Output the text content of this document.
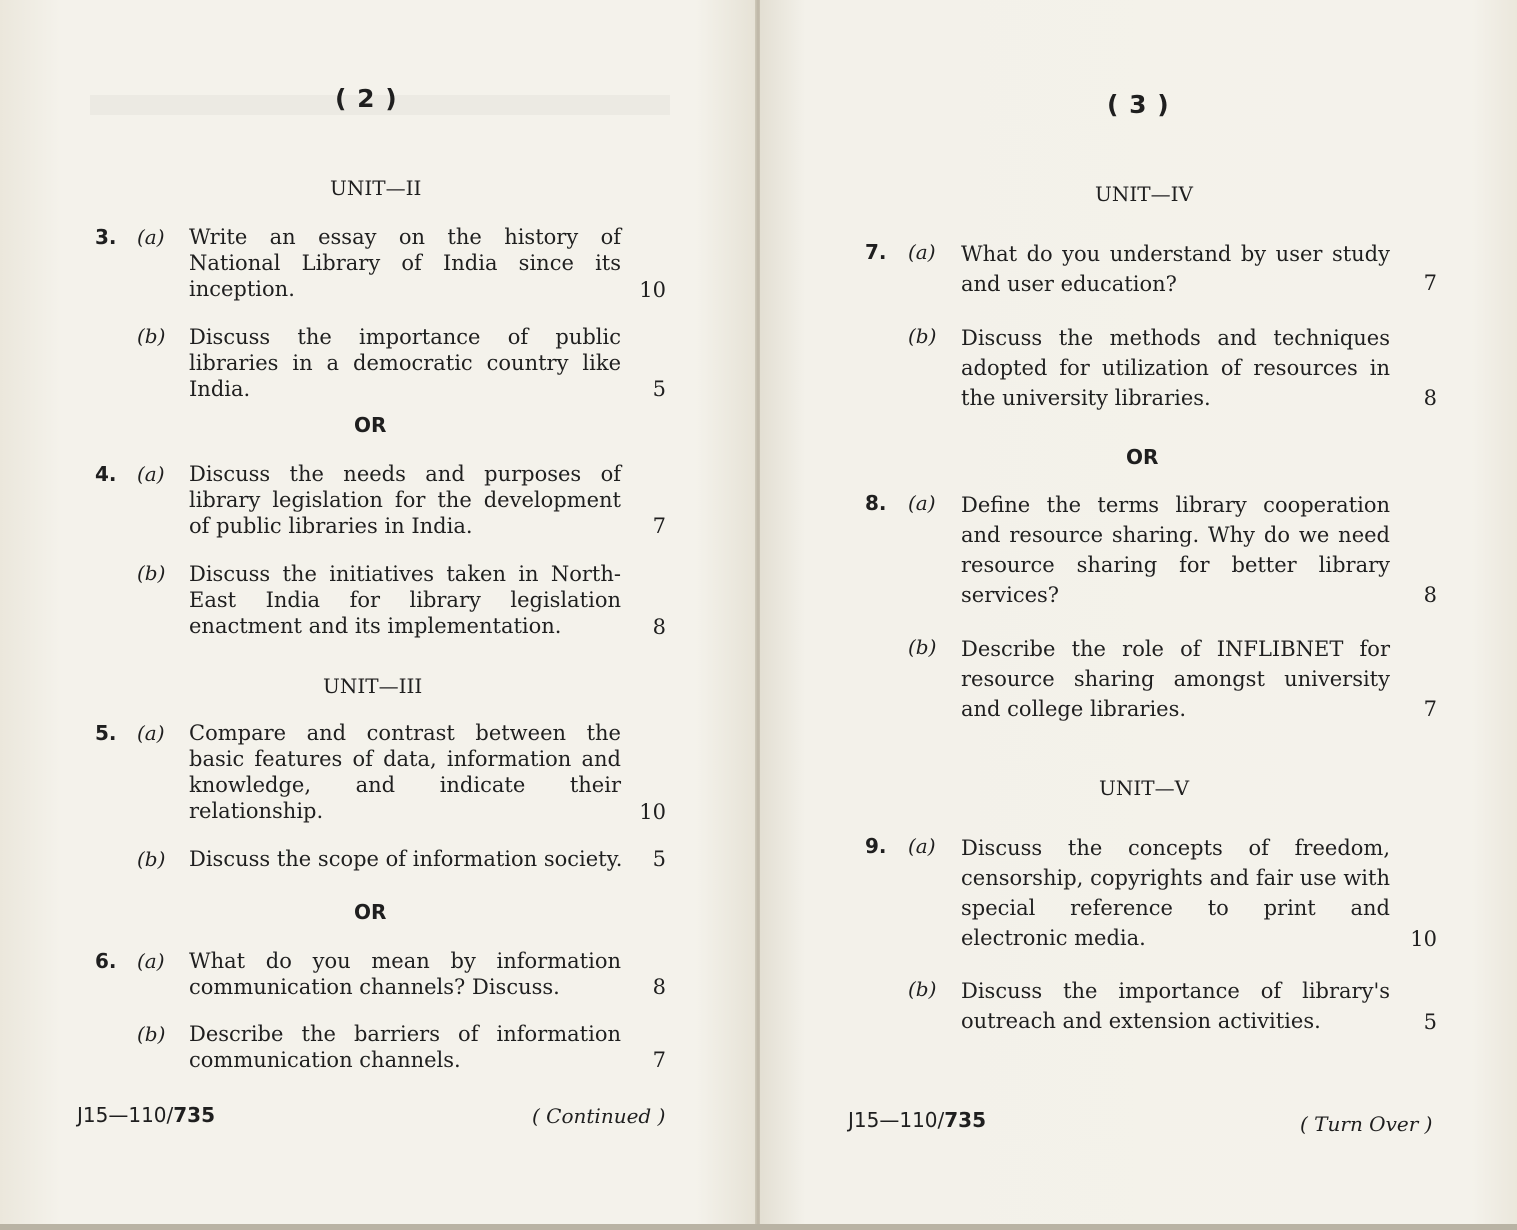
( 2 )
UNIT—II
3. (a) Write an essay on the history of National Library of India since its inception.	10
(b) Discuss the importance of public libraries in a democratic country like India.	5
OR
4. (a) Discuss the needs and purposes of library legislation for the development of public libraries in India.	7
(b) Discuss the initiatives taken in North-East India for library legislation enactment and its implementation.	8
UNIT—III
5. (a) Compare and contrast between the basic features of data, information and knowledge, and indicate their relationship.	10
(b) Discuss the scope of information society.	5
OR
6. (a) What do you mean by information communication channels? Discuss.	8
(b) Describe the barriers of information communication channels.	7
J15—110/735	( Continued )
( 3 )
UNIT—IV
7. (a) What do you understand by user study and user education?	7
(b) Discuss the methods and techniques adopted for utilization of resources in the university libraries.	8
OR
8. (a) Define the terms library cooperation and resource sharing. Why do we need resource sharing for better library services?	8
(b) Describe the role of INFLIBNET for resource sharing amongst university and college libraries.	7
UNIT—V
9. (a) Discuss the concepts of freedom, censorship, copyrights and fair use with special reference to print and electronic media.	10
(b) Discuss the importance of library's outreach and extension activities.	5
J15—110/735	( Turn Over )
